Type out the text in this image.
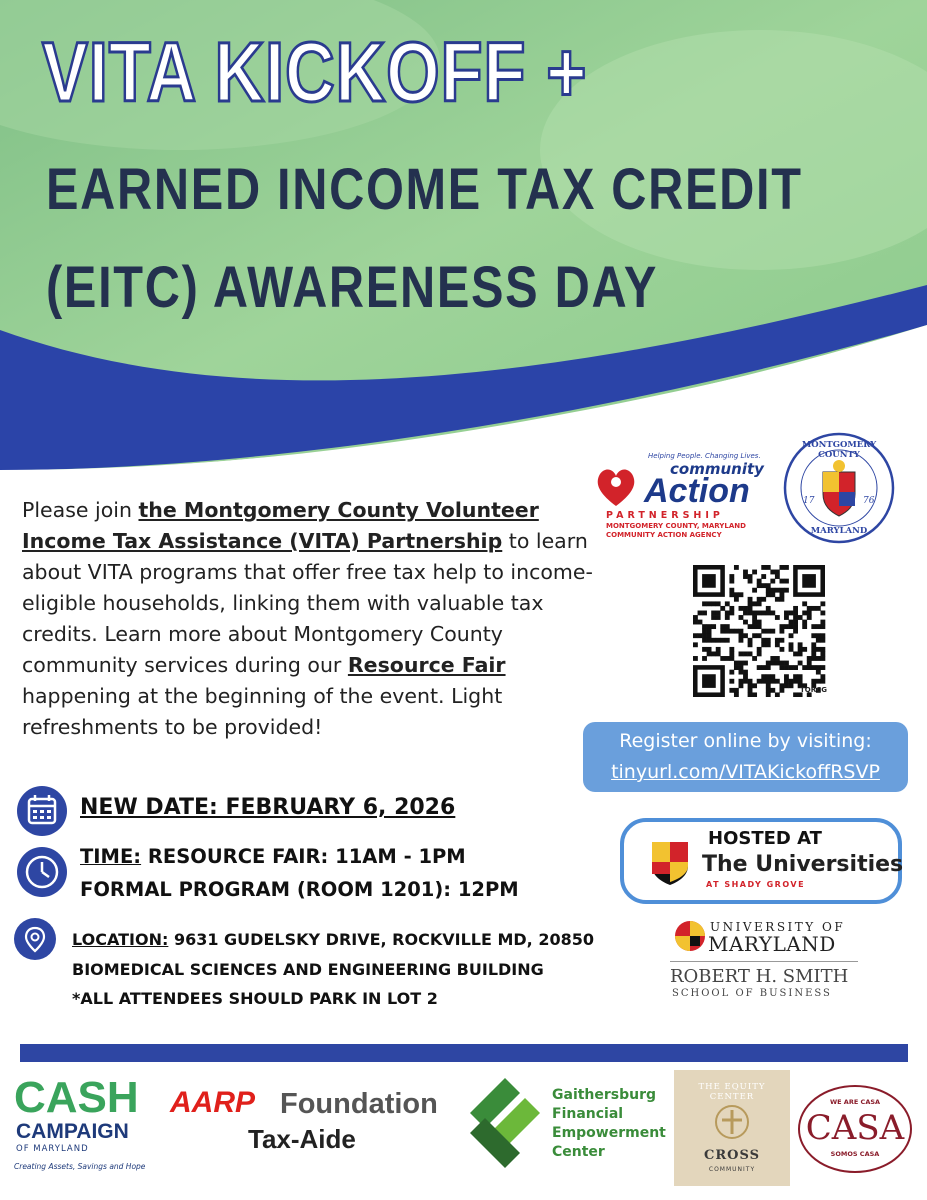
VITA KICKOFF +
EARNED INCOME TAX CREDIT
(EITC) AWARENESS DAY
Helping People. Changing Lives.
community
Action
PARTNERSHIP
MONTGOMERY COUNTY, MARYLAND
COMMUNITY ACTION AGENCY
MONTGOMERY COUNTY
17	76
MARYLAND
Please join the Montgomery County Volunteer Income Tax Assistance (VITA) Partnership to learn about VITA programs that offer free tax help to income-eligible households, linking them with valuable tax credits. Learn more about Montgomery County community services during our Resource Fair happening at the beginning of the event. Light refreshments to be provided!
TQRCG
Register online by visiting:
tinyurl.com/VITAKickoffRSVP
NEW DATE: FEBRUARY 6, 2026
TIME: RESOURCE FAIR: 11AM - 1PM
FORMAL PROGRAM (ROOM 1201): 12PM
LOCATION: 9631 GUDELSKY DRIVE, ROCKVILLE MD, 20850
BIOMEDICAL SCIENCES AND ENGINEERING BUILDING
*ALL ATTENDEES SHOULD PARK IN LOT 2
HOSTED AT
The Universities
AT SHADY GROVE
UNIVERSITY OF
MARYLAND
ROBERT H. SMITH
SCHOOL OF BUSINESS
CASH
CAMPAIGN
OF MARYLAND
Creating Assets, Savings and Hope
AARP Foundation
Tax-Aide
Gaithersburg
Financial
Empowerment
Center
THE EQUITY CENTER
CROSS
COMMUNITY
WE ARE CASA
CASA
SOMOS CASA
